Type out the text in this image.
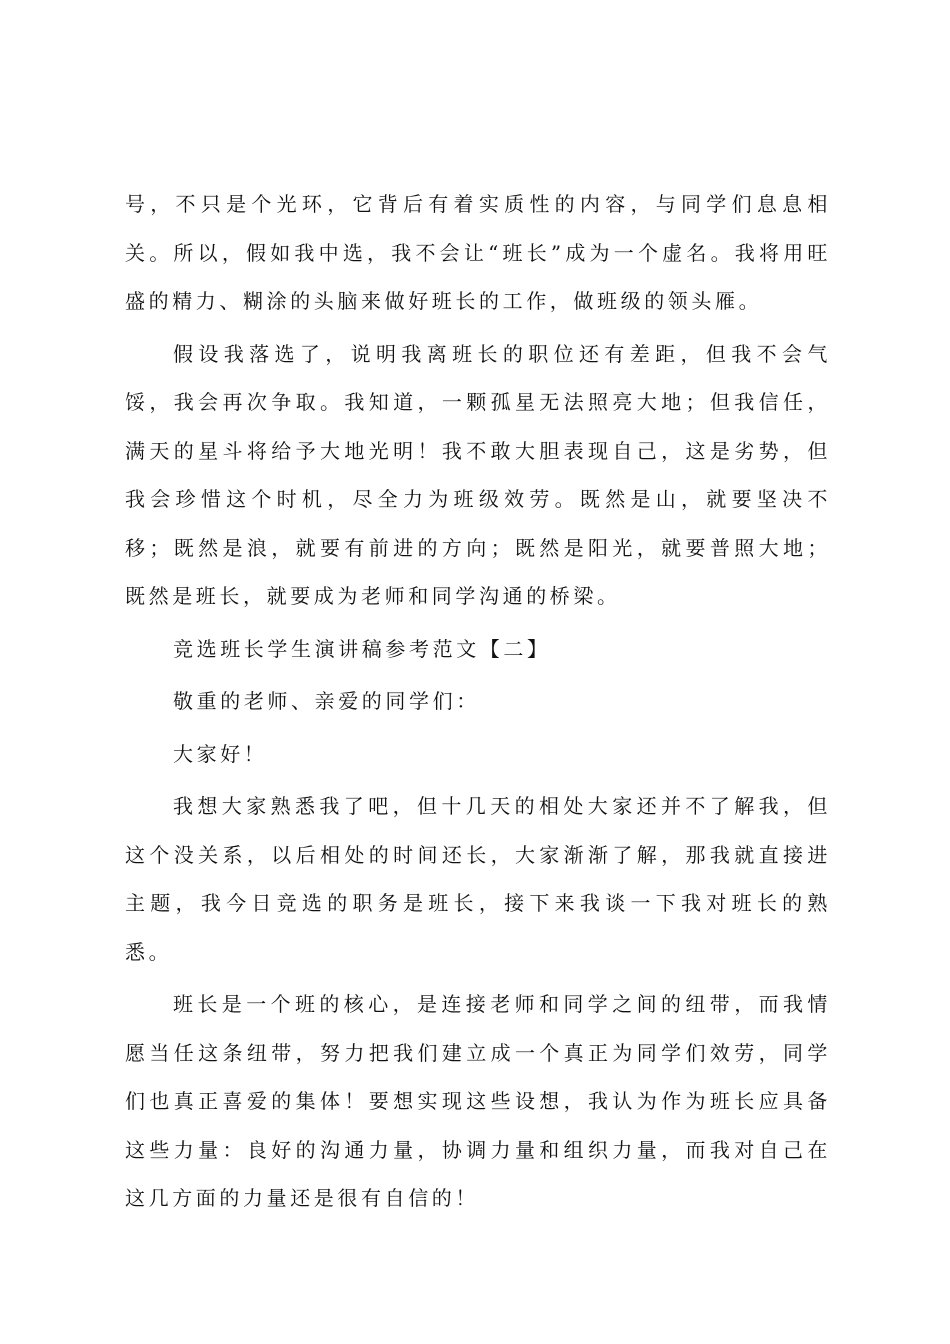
号，不只是个光环，它背后有着实质性的内容，与同学们息息相关。所以，假如我中选，我不会让“班长”成为一个虚名。我将用旺盛的精力、糊涂的头脑来做好班长的工作，做班级的领头雁。

假设我落选了，说明我离班长的职位还有差距，但我不会气馁，我会再次争取。我知道，一颗孤星无法照亮大地；但我信任，满天的星斗将给予大地光明！我不敢大胆表现自己，这是劣势，但我会珍惜这个时机，尽全力为班级效劳。既然是山，就要坚决不移；既然是浪，就要有前进的方向；既然是阳光，就要普照大地；既然是班长，就要成为老师和同学沟通的桥梁。

竞选班长学生演讲稿参考范文【二】

敬重的老师、亲爱的同学们：

大家好！

我想大家熟悉我了吧，但十几天的相处大家还并不了解我，但这个没关系，以后相处的时间还长，大家渐渐了解，那我就直接进主题，我今日竞选的职务是班长，接下来我谈一下我对班长的熟悉。

班长是一个班的核心，是连接老师和同学之间的纽带，而我情愿当任这条纽带，努力把我们建立成一个真正为同学们效劳，同学们也真正喜爱的集体！要想实现这些设想，我认为作为班长应具备这些力量：良好的沟通力量，协调力量和组织力量，而我对自己在这几方面的力量还是很有自信的！
